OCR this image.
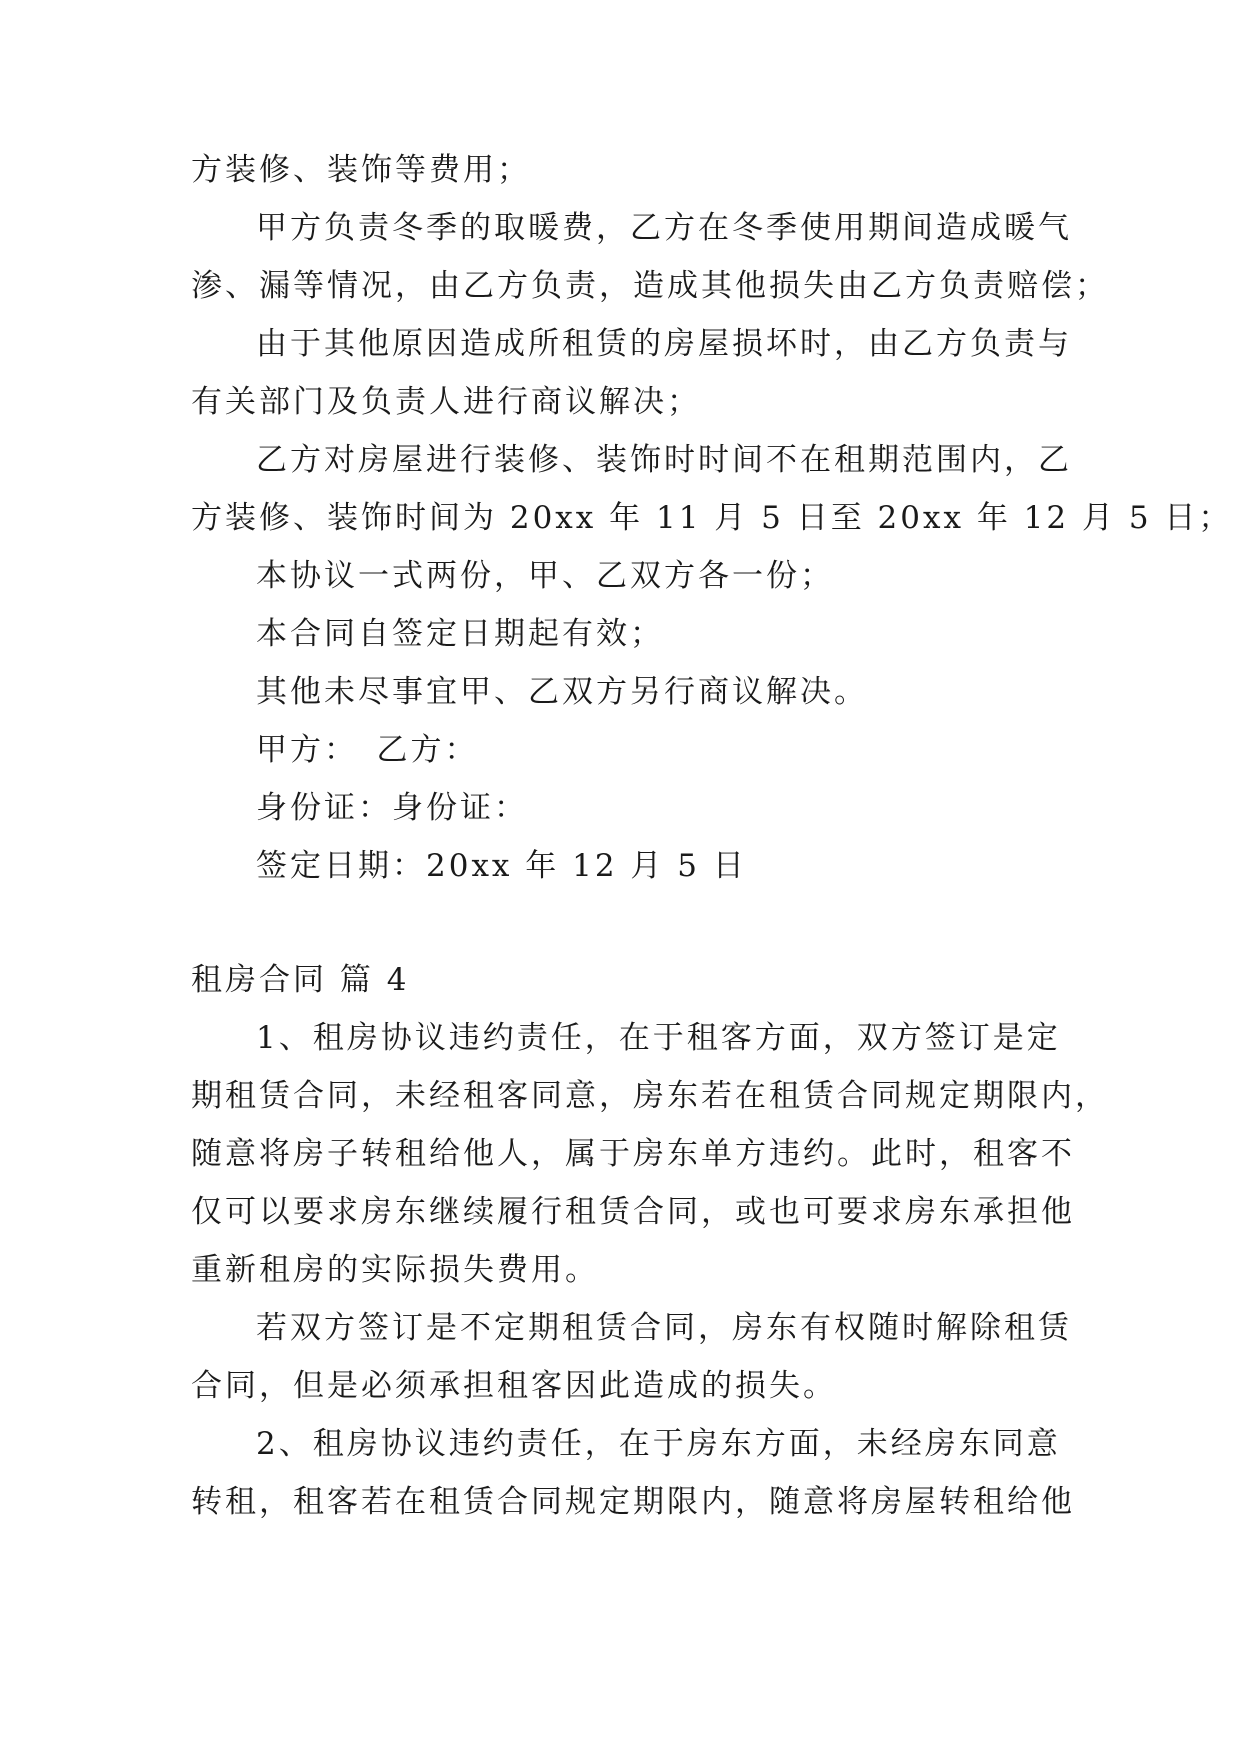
方装修、装饰等费用；

甲方负责冬季的取暖费，乙方在冬季使用期间造成暖气

渗、漏等情况，由乙方负责，造成其他损失由乙方负责赔偿；

由于其他原因造成所租赁的房屋损坏时，由乙方负责与

有关部门及负责人进行商议解决；

乙方对房屋进行装修、装饰时时间不在租期范围内，乙

方装修、装饰时间为 20xx 年 11 月 5 日至 20xx 年 12 月 5 日；

本协议一式两份，甲、乙双方各一份；

本合同自签定日期起有效；

其他未尽事宜甲、乙双方另行商议解决。

甲方：　乙方：

身份证：身份证：

签定日期：20xx 年 12 月 5 日

租房合同 篇 4

1、租房协议违约责任，在于租客方面，双方签订是定

期租赁合同，未经租客同意，房东若在租赁合同规定期限内，

随意将房子转租给他人，属于房东单方违约。此时，租客不

仅可以要求房东继续履行租赁合同，或也可要求房东承担他

重新租房的实际损失费用。

若双方签订是不定期租赁合同，房东有权随时解除租赁

合同，但是必须承担租客因此造成的损失。

2、租房协议违约责任，在于房东方面，未经房东同意

转租，租客若在租赁合同规定期限内，随意将房屋转租给他
